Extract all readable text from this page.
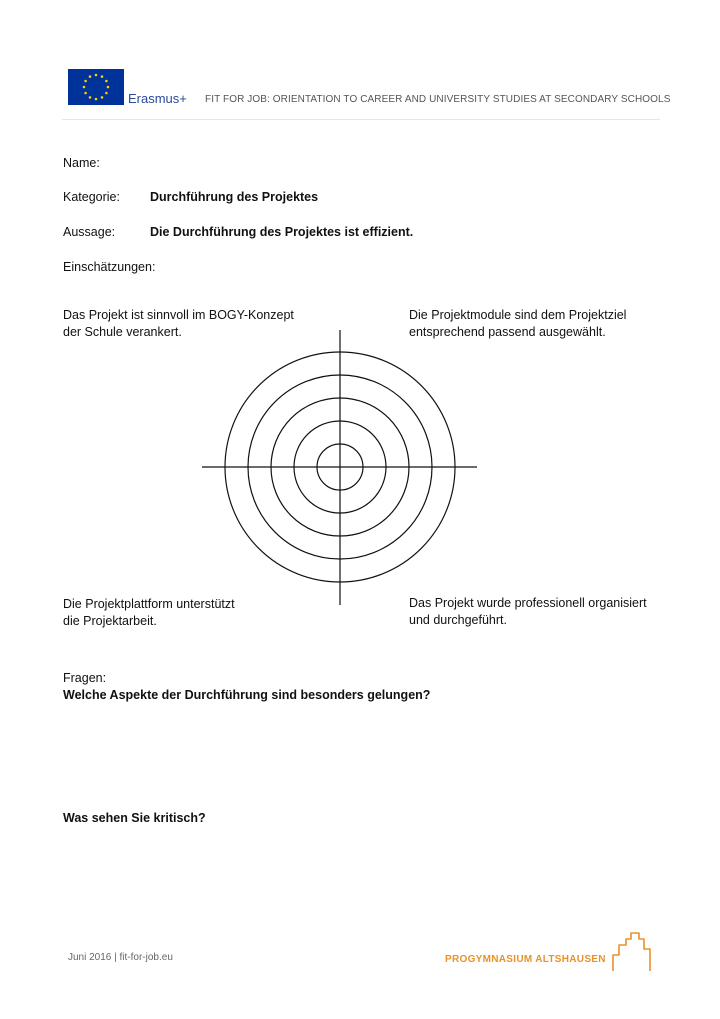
Erasmus+ FIT FOR JOB: ORIENTATION TO CAREER AND UNIVERSITY STUDIES AT SECONDARY SCHOOLS
Name:
Kategorie: Durchführung des Projektes
Aussage:	Die Durchführung des Projektes ist effizient.
Einschätzungen:
Das Projekt ist sinnvoll im BOGY-Konzept
der Schule verankert.
Die Projektmodule sind dem Projektziel
entsprechend passend ausgewählt.
Die Projektplattform unterstützt
die Projektarbeit.
Das Projekt wurde professionell organisiert
und durchgeführt.
Fragen:
Welche Aspekte der Durchführung sind besonders gelungen?
Was sehen Sie kritisch?
Juni 2016 | fit-for-job.eu	PROGYMNASIUM ALTSHAUSEN
